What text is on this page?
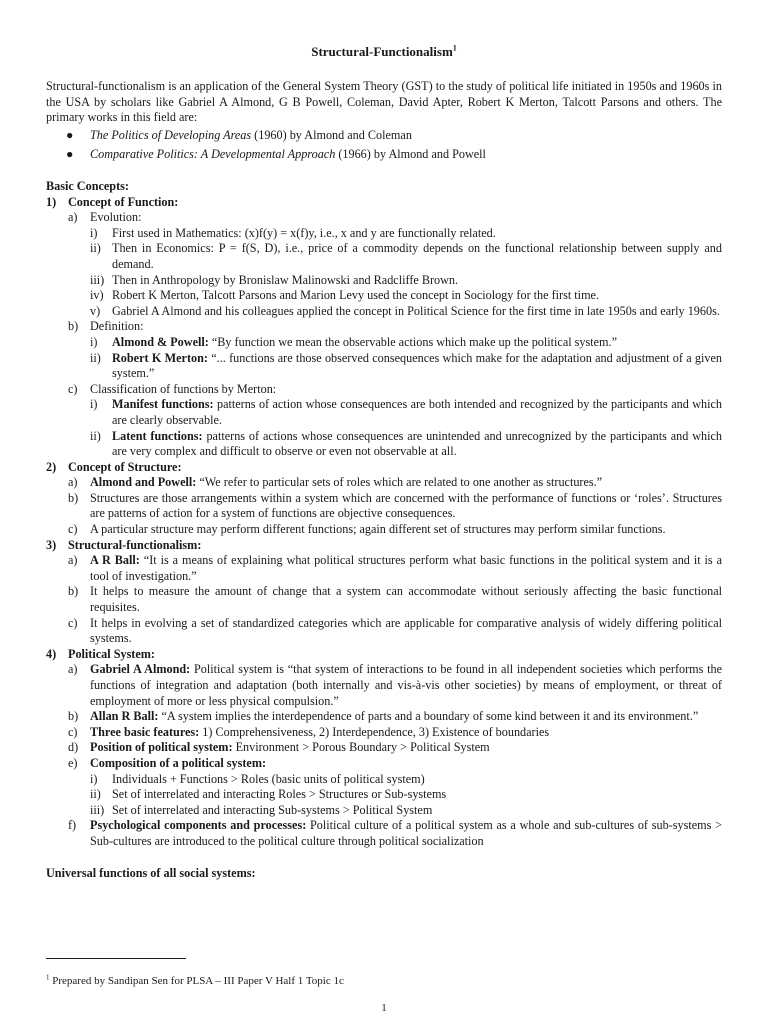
Structural-Functionalism$^1$

Structural-functionalism is an application of the General System Theory (GST) to the study of political life initiated in 1950s and 1960s in the USA by scholars like Gabriel A Almond, G B Powell, Coleman, David Apter, Robert K Merton, Talcott Parsons and others. The primary works in this field are:

● The Politics of Developing Areas (1960) by Almond and Coleman
● Comparative Politics: A Developmental Approach (1966) by Almond and Powell
Basic Concepts:
1) Concept of Function:
a) Evolution:
i) First used in Mathematics: (x)f(y) = x(f)y, i.e., x and y are functionally related.
ii) Then in Economics: P = f(S, D), i.e., price of a commodity depends on the functional relationship between supply and demand.
iii) Then in Anthropology by Bronislaw Malinowski and Radcliffe Brown.
iv) Robert K Merton, Talcott Parsons and Marion Levy used the concept in Sociology for the first time.
v) Gabriel A Almond and his colleagues applied the concept in Political Science for the first time in late 1950s and early 1960s.
b) Definition:
i) Almond & Powell: “By function we mean the observable actions which make up the political system.”
ii) Robert K Merton: “... functions are those observed consequences which make for the adaptation and adjustment of a given system.”
c) Classification of functions by Merton:
i) Manifest functions: patterns of action whose consequences are both intended and recognized by the participants and which are clearly observable.
ii) Latent functions: patterns of actions whose consequences are unintended and unrecognized by the participants and which are very complex and difficult to observe or even not observable at all.
2) Concept of Structure:
a) Almond and Powell: “We refer to particular sets of roles which are related to one another as structures.”
b) Structures are those arrangements within a system which are concerned with the performance of functions or ‘roles’. Structures are patterns of action for a system of functions are objective consequences.
c) A particular structure may perform different functions; again different set of structures may perform similar functions.
3) Structural-functionalism:
a) A R Ball: “It is a means of explaining what political structures perform what basic functions in the political system and it is a tool of investigation.”
b) It helps to measure the amount of change that a system can accommodate without seriously affecting the basic functional requisites.
c) It helps in evolving a set of standardized categories which are applicable for comparative analysis of widely differing political systems.
4) Political System:
a) Gabriel A Almond: Political system is “that system of interactions to be found in all independent societies which performs the functions of integration and adaptation (both internally and vis-à-vis other societies) by means of employment, or threat of employment of more or less physical compulsion.”
b) Allan R Ball: “A system implies the interdependence of parts and a boundary of some kind between it and its environment.”
c) Three basic features: 1) Comprehensiveness, 2) Interdependence, 3) Existence of boundaries
d) Position of political system: Environment > Porous Boundary > Political System
e) Composition of a political system:
i) Individuals + Functions > Roles (basic units of political system)
ii) Set of interrelated and interacting Roles > Structures or Sub-systems
iii) Set of interrelated and interacting Sub-systems > Political System
f) Psychological components and processes: Political culture of a political system as a whole and sub-cultures of sub-systems > Sub-cultures are introduced to the political culture through political socialization
Universal functions of all social systems:
$^1$ Prepared by Sandipan Sen for PLSA – III Paper V Half 1 Topic 1c
1
